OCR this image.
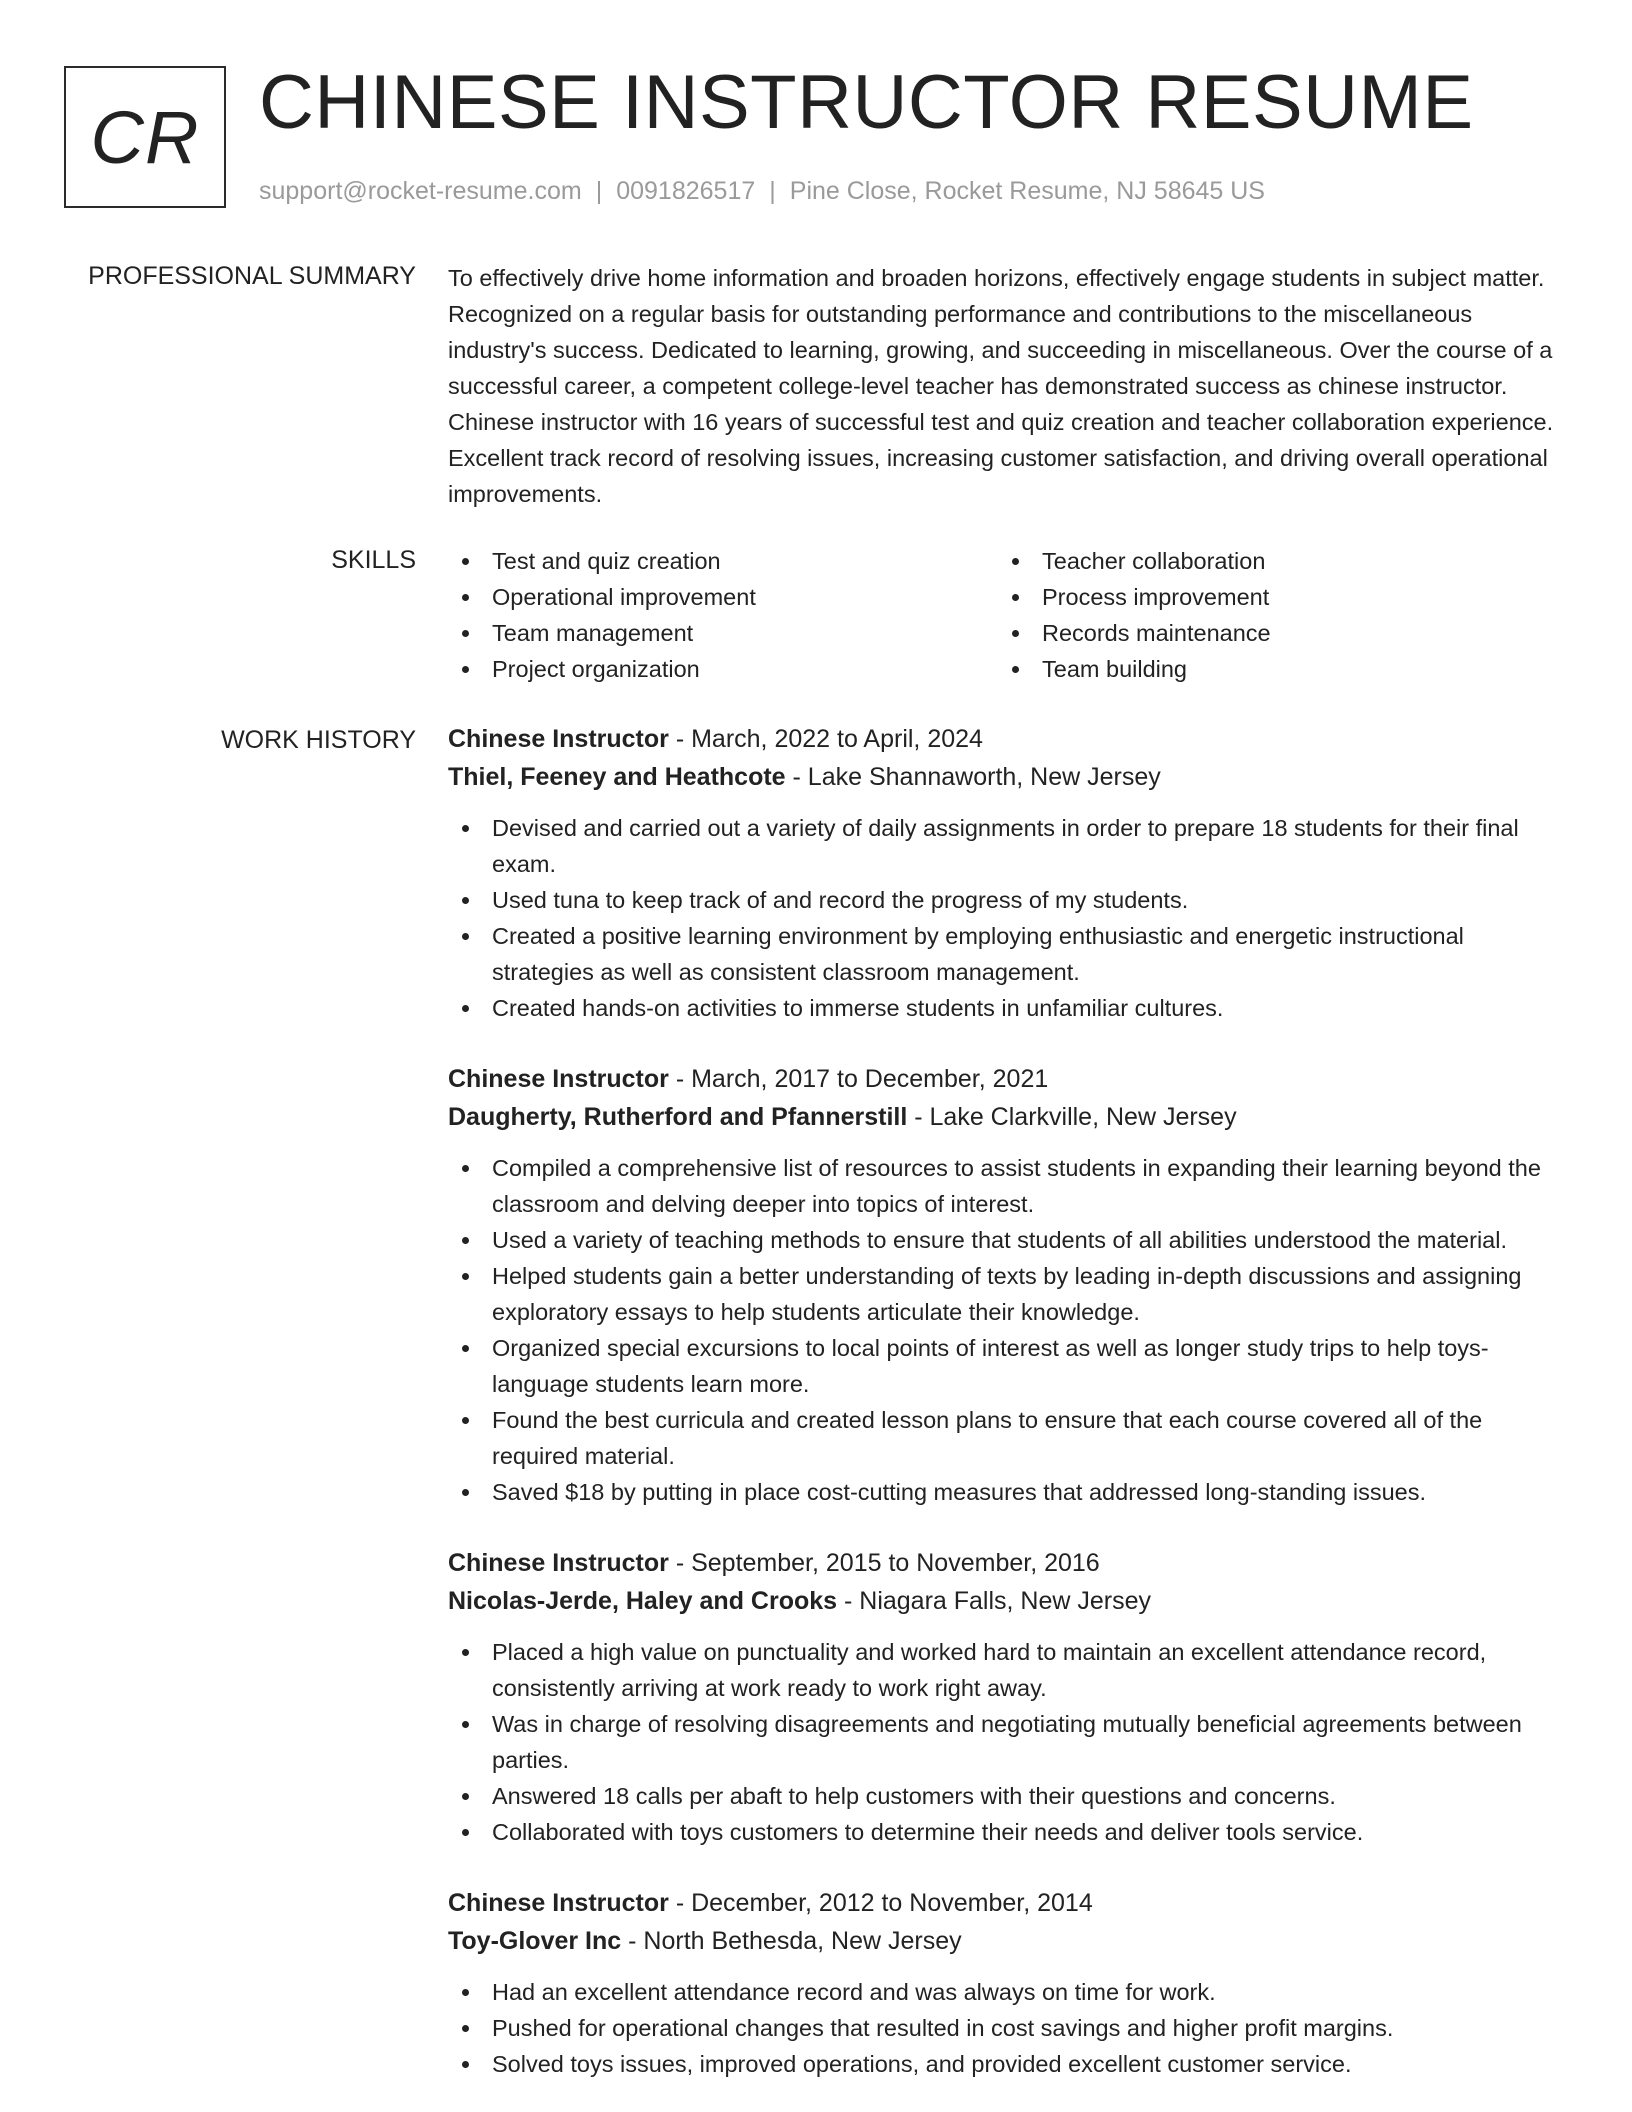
CR CHINESE INSTRUCTOR RESUME
support@rocket-resume.com | 0091826517 | Pine Close, Rocket Resume, NJ 58645 US
PROFESSIONAL SUMMARY To effectively drive home information and broaden horizons, effectively engage students in subject matter. Recognized on a regular basis for outstanding performance and contributions to the miscellaneous industry's success. Dedicated to learning, growing, and succeeding in miscellaneous. Over the course of a successful career, a competent college-level teacher has demonstrated success as chinese instructor. Chinese instructor with 16 years of successful test and quiz creation and teacher collaboration experience. Excellent track record of resolving issues, increasing customer satisfaction, and driving overall operational improvements.

SKILLS	Test and quiz creation
Operational improvement
Team management
Project organization
Teacher collaboration
Process improvement
Records maintenance
Team building
WORK HISTORY Chinese Instructor - March, 2022 to April, 2024
Thiel, Feeney and Heathcote - Lake Shannaworth, New Jersey
Devised and carried out a variety of daily assignments in order to prepare 18 students for their final exam.
Used tuna to keep track of and record the progress of my students.
Created a positive learning environment by employing enthusiastic and energetic instructional strategies as well as consistent classroom management.
Created hands-on activities to immerse students in unfamiliar cultures.
Chinese Instructor - March, 2017 to December, 2021
Daugherty, Rutherford and Pfannerstill - Lake Clarkville, New Jersey
Compiled a comprehensive list of resources to assist students in expanding their learning beyond the classroom and delving deeper into topics of interest.
Used a variety of teaching methods to ensure that students of all abilities understood the material.
Helped students gain a better understanding of texts by leading in-depth discussions and assigning exploratory essays to help students articulate their knowledge.
Organized special excursions to local points of interest as well as longer study trips to help toys-language students learn more.
Found the best curricula and created lesson plans to ensure that each course covered all of the required material.
Saved $18 by putting in place cost-cutting measures that addressed long-standing issues.
Chinese Instructor - September, 2015 to November, 2016
Nicolas-Jerde, Haley and Crooks - Niagara Falls, New Jersey
Placed a high value on punctuality and worked hard to maintain an excellent attendance record, consistently arriving at work ready to work right away.
Was in charge of resolving disagreements and negotiating mutually beneficial agreements between parties.
Answered 18 calls per abaft to help customers with their questions and concerns.
Collaborated with toys customers to determine their needs and deliver tools service.
Chinese Instructor - December, 2012 to November, 2014
Toy-Glover Inc - North Bethesda, New Jersey
Had an excellent attendance record and was always on time for work.
Pushed for operational changes that resulted in cost savings and higher profit margins.
Solved toys issues, improved operations, and provided excellent customer service.
